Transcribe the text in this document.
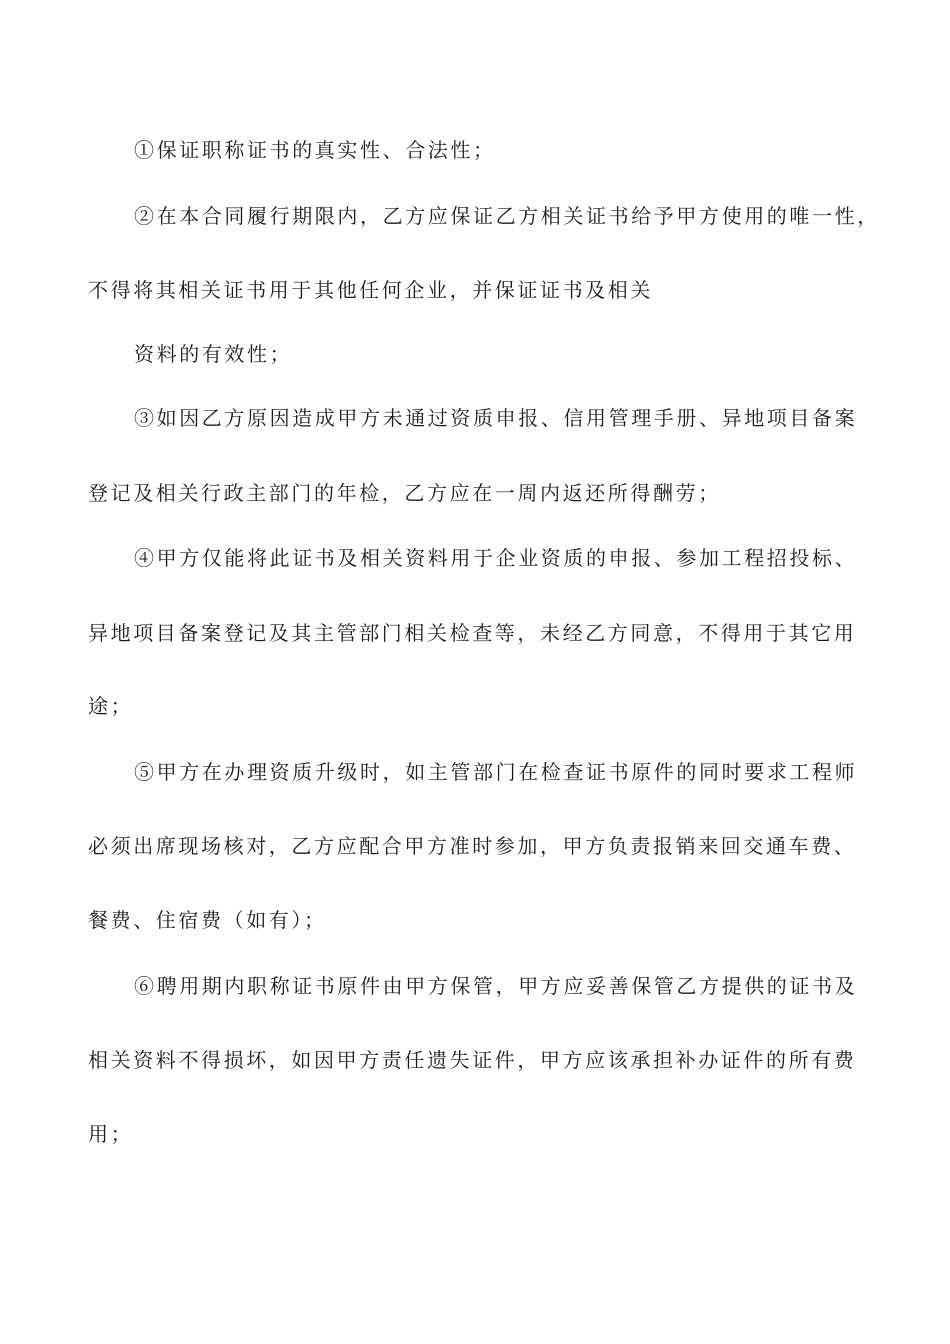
①保证职称证书的真实性、合法性；
②在本合同履行期限内，乙方应保证乙方相关证书给予甲方使用的唯一性，
不得将其相关证书用于其他任何企业，并保证证书及相关
资料的有效性；
③如因乙方原因造成甲方未通过资质申报、信用管理手册、异地项目备案
登记及相关行政主部门的年检，乙方应在一周内返还所得酬劳；
④甲方仅能将此证书及相关资料用于企业资质的申报、参加工程招投标、
异地项目备案登记及其主管部门相关检查等，未经乙方同意，不得用于其它用
途；
⑤甲方在办理资质升级时，如主管部门在检查证书原件的同时要求工程师
必须出席现场核对，乙方应配合甲方准时参加，甲方负责报销来回交通车费、
餐费、住宿费（如有）；
⑥聘用期内职称证书原件由甲方保管，甲方应妥善保管乙方提供的证书及
相关资料不得损坏，如因甲方责任遗失证件，甲方应该承担补办证件的所有费
用；
